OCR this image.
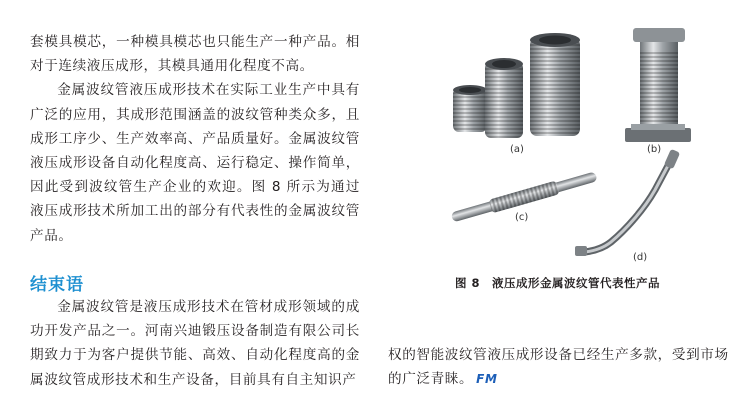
套模具模芯，一种模具模芯也只能生产一种产品。相对于连续液压成形，其模具通用化程度不高。

金属波纹管液压成形技术在实际工业生产中具有广泛的应用，其成形范围涵盖的波纹管种类众多，且成形工序少、生产效率高、产品质量好。金属波纹管液压成形设备自动化程度高、运行稳定、操作简单，因此受到波纹管生产企业的欢迎。图 8 所示为通过液压成形技术所加工出的部分有代表性的金属波纹管产品。

结束语

金属波纹管是液压成形技术在管材成形领域的成功开发产品之一。河南兴迪锻压设备制造有限公司长期致力于为客户提供节能、高效、自动化程度高的金属波纹管成形技术和生产设备，目前具有自主知识产

(a)	(b)
(c)
(d)
图 8　液压成形金属波纹管代表性产品

权的智能波纹管液压成形设备已经生产多款，受到市场的广泛青睐。 FM
